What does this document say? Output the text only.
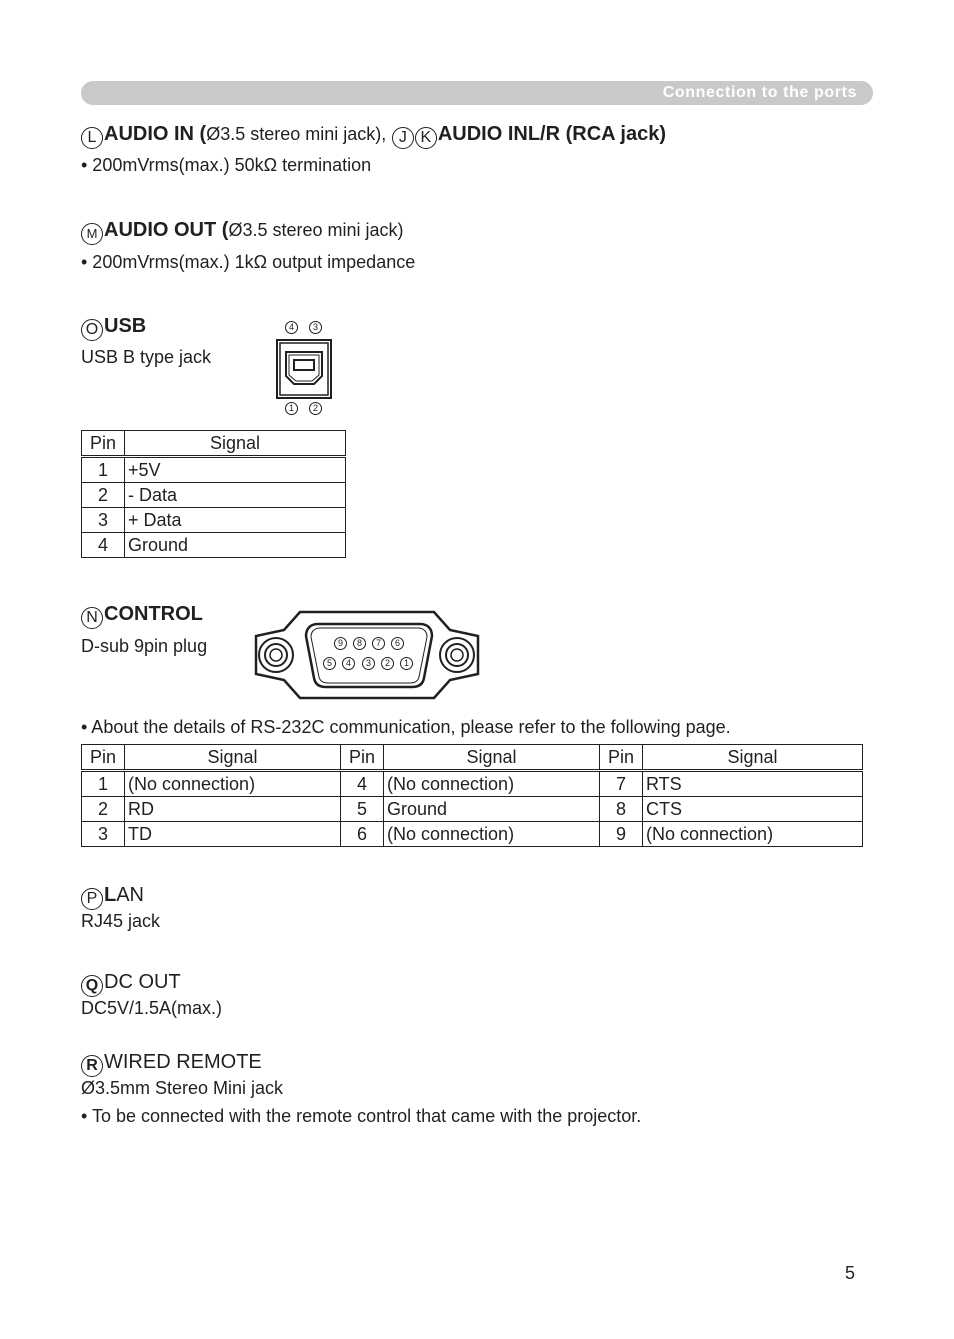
Connection to the ports
L AUDIO IN (Ø3.5 stereo mini jack), J K AUDIO INL/R (RCA jack)
• 200mVrms(max.) 50kΩ termination
M AUDIO OUT (Ø3.5 stereo mini jack)
• 200mVrms(max.) 1kΩ output impedance
O USB
USB B type jack
4	3
1	2
Pin	Signal
1	+5V
2	- Data
3	+ Data
4	Ground
N CONTROL
D-sub 9pin plug	9	8	7	6
5	4	3	2	1
• About the details of RS-232C communication, please refer to the following page.
Pin	Signal	Pin	Signal	Pin	Signal
1	(No connection)	4	(No connection)	7	RTS
2	RD	5	Ground	8	CTS
3	TD	6	(No connection)	9	(No connection)
P LAN
RJ45 jack
Q DC OUT
DC5V/1.5A(max.)
R WIRED REMOTE
Ø3.5mm Stereo Mini jack
• To be connected with the remote control that came with the projector.
5
